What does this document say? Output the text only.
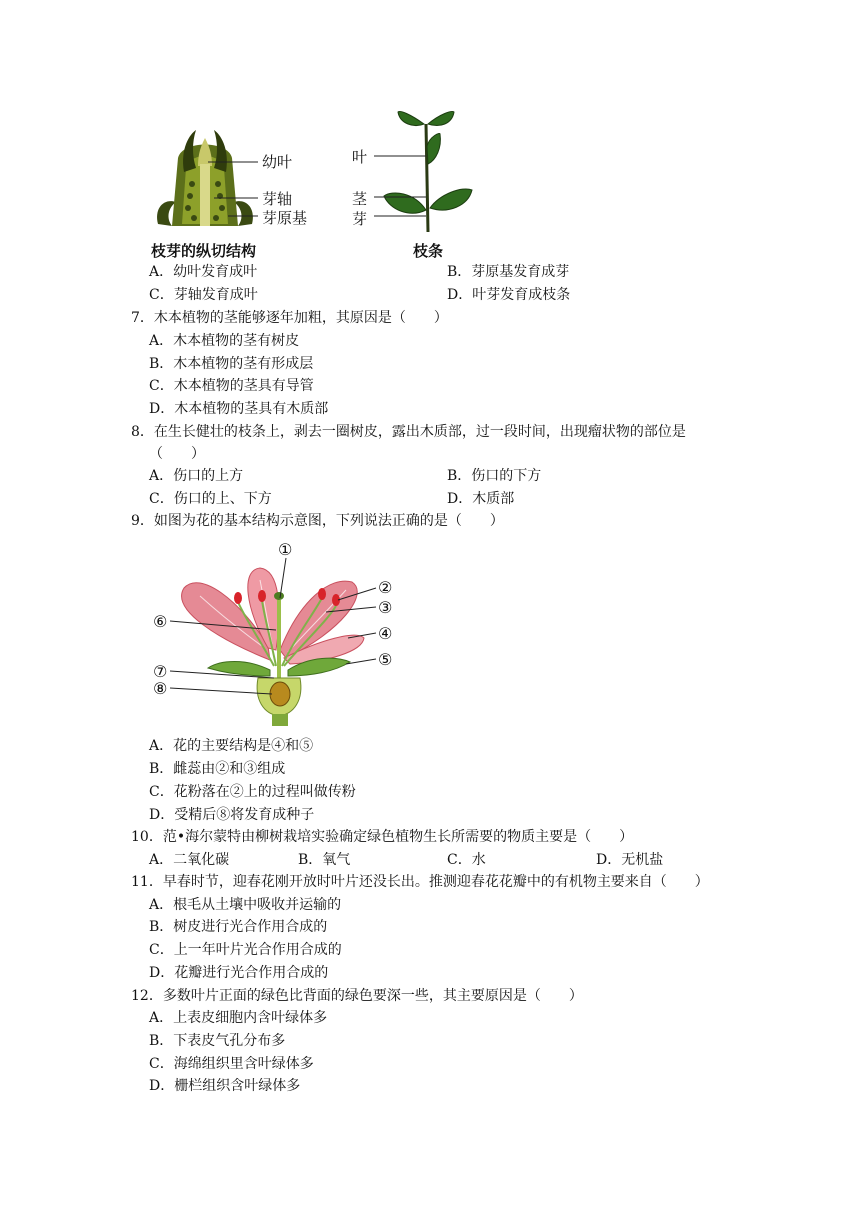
幼叶
芽轴
芽原基
枝芽的纵切结构
叶
茎
芽
枝条
A．幼叶发育成叶	B．芽原基发育成芽
C．芽轴发育成叶	D．叶芽发育成枝条
7．木本植物的茎能够逐年加粗，其原因是（　　）
A．木本植物的茎有树皮
B．木本植物的茎有形成层
C．木本植物的茎具有导管
D．木本植物的茎具有木质部
8．在生长健壮的枝条上，剥去一圈树皮，露出木质部，过一段时间，出现瘤状物的部位是
（　　）
A．伤口的上方	B．伤口的下方
C．伤口的上、下方	D．木质部
9．如图为花的基本结构示意图，下列说法正确的是（　　）
①
②
③
④
⑤
⑥
⑦
⑧
A．花的主要结构是④和⑤
B．雌蕊由②和③组成
C．花粉落在②上的过程叫做传粉
D．受精后⑧将发育成种子
10．范•海尔蒙特由柳树栽培实验确定绿色植物生长所需要的物质主要是（　　）
A．二氧化碳	B．氧气	C．水	D．无机盐
11．早春时节，迎春花刚开放时叶片还没长出。推测迎春花花瓣中的有机物主要来自（　　）
A．根毛从土壤中吸收并运输的
B．树皮进行光合作用合成的
C．上一年叶片光合作用合成的
D．花瓣进行光合作用合成的
12．多数叶片正面的绿色比背面的绿色要深一些，其主要原因是（　　）
A．上表皮细胞内含叶绿体多
B．下表皮气孔分布多
C．海绵组织里含叶绿体多
D．栅栏组织含叶绿体多
